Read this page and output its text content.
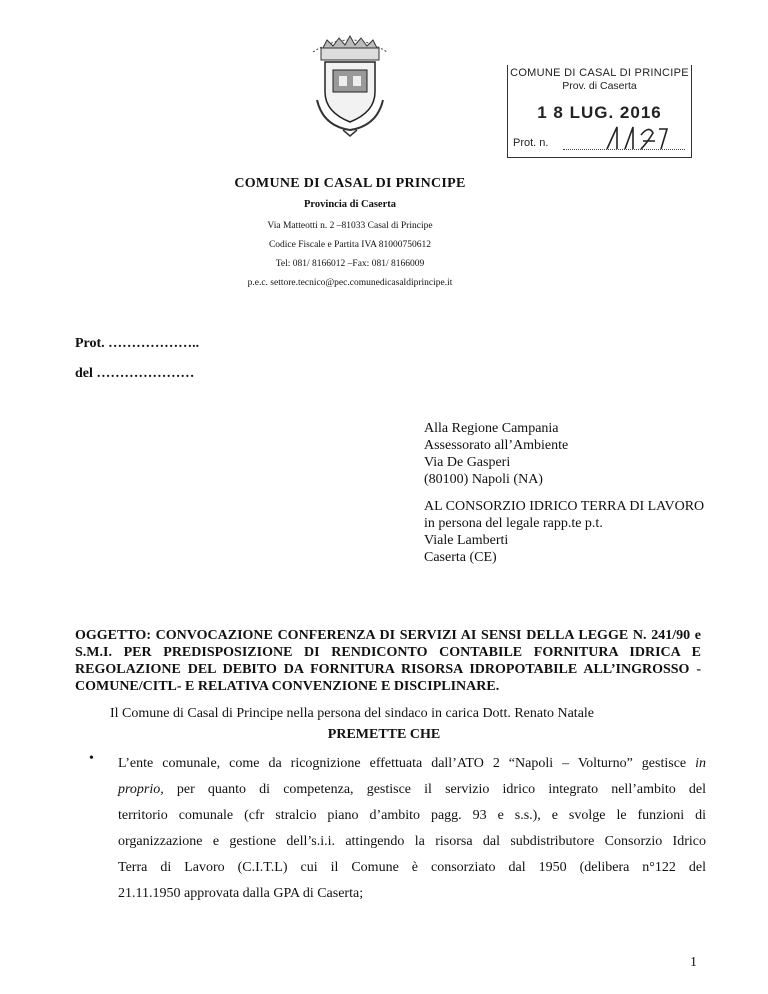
COMUNE DI CASAL DI PRINCIPE
Prov. di Caserta
1 8 LUG. 2016
Prot. n.
COMUNE DI CASAL DI PRINCIPE
Provincia di Caserta
Via Matteotti n. 2 –81033 Casal di Principe
Codice Fiscale e Partita IVA 81000750612
Tel: 081/ 8166012 –Fax: 081/ 8166009
p.e.c. settore.tecnico@pec.comunedicasaldiprincipe.it
Prot. ………………..
del …………………
Alla Regione Campania
Assessorato all’Ambiente
Via De Gasperi
(80100) Napoli (NA)
AL CONSORZIO IDRICO TERRA DI LAVORO
in persona del legale rapp.te p.t.
Viale Lamberti
Caserta (CE)
OGGETTO: CONVOCAZIONE CONFERENZA DI SERVIZI AI SENSI DELLA LEGGE N. 241/90 e S.M.I. PER PREDISPOSIZIONE DI RENDICONTO CONTABILE FORNITURA IDRICA E REGOLAZIONE DEL DEBITO DA FORNITURA RISORSA IDROPOTABILE ALL’INGROSSO -COMUNE/CITL- E RELATIVA CONVENZIONE E DISCIPLINARE.
Il Comune di Casal di Principe nella persona del sindaco in carica Dott. Renato Natale
PREMETTE CHE
• L’ente comunale, come da ricognizione effettuata dall’ATO 2 “Napoli – Volturno” gestisce in
proprio, per quanto di competenza, gestisce il servizio idrico integrato nell’ambito del
territorio comunale (cfr stralcio piano d’ambito pagg. 93 e s.s.), e svolge le funzioni di
organizzazione e gestione dell’s.i.i. attingendo la risorsa dal subdistributore Consorzio Idrico
Terra di Lavoro (C.I.T.L) cui il Comune è consorziato dal 1950 (delibera n°122 del
21.11.1950 approvata dalla GPA di Caserta;
1
